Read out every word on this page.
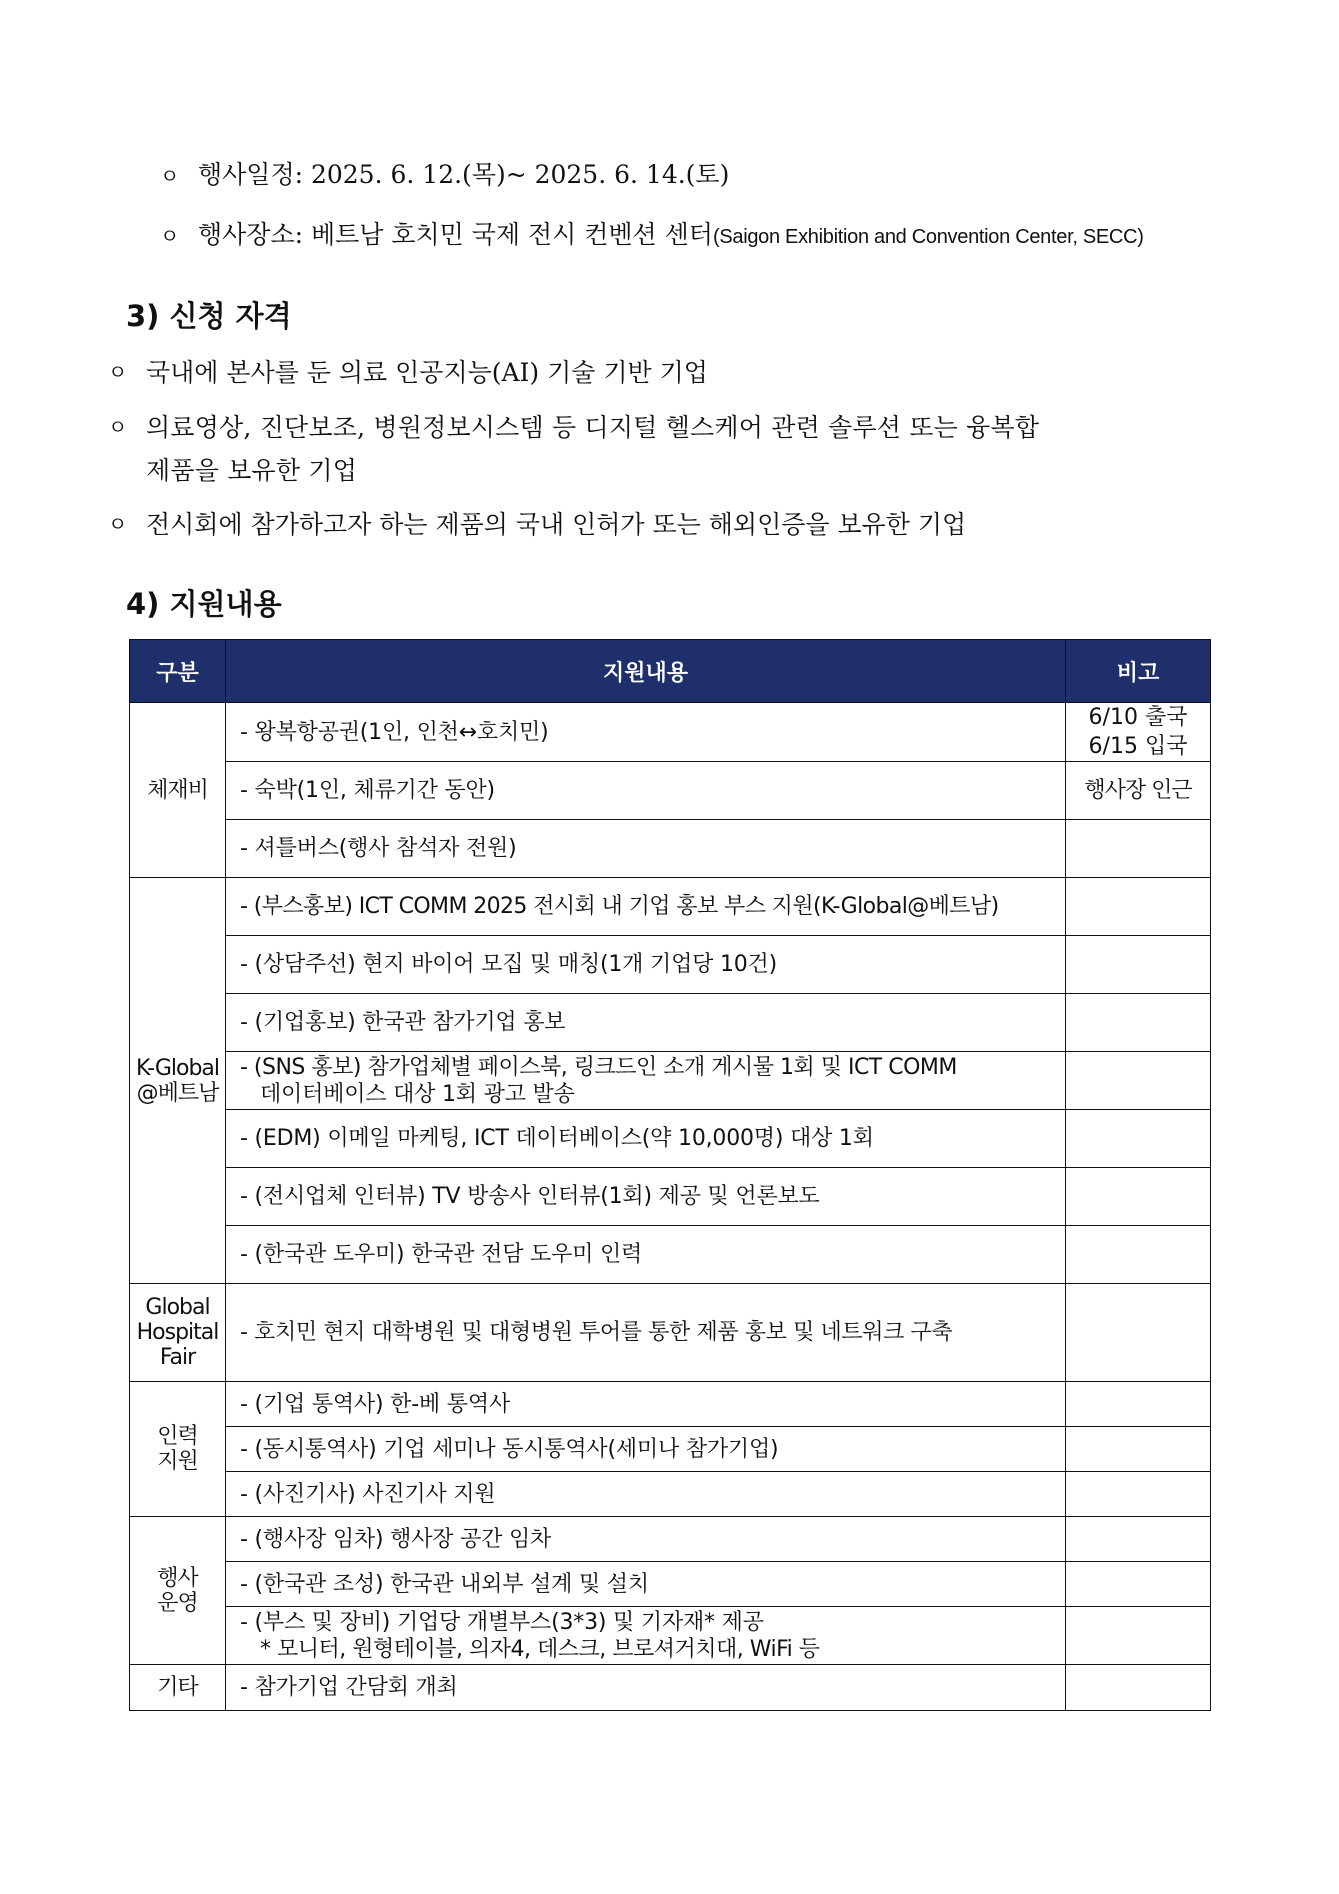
ㅇ 행사일정: 2025. 6. 12.(목)~ 2025. 6. 14.(토)
ㅇ 행사장소: 베트남 호치민 국제 전시 컨벤션 센터(Saigon Exhibition and Convention Center, SECC)
3) 신청 자격
ㅇ 국내에 본사를 둔 의료 인공지능(AI) 기술 기반 기업
ㅇ 의료영상, 진단보조, 병원정보시스템 등 디지털 헬스케어 관련 솔루션 또는 융복합
제품을 보유한 기업
ㅇ 전시회에 참가하고자 하는 제품의 국내 인허가 또는 해외인증을 보유한 기업
4) 지원내용
구분	지원내용	비고
체재비	- 왕복항공권(1인, 인천↔호치민)	6/10 출국
6/15 입국

	- 숙박(1인, 체류기간 동안)	행사장 인근
	- 셔틀버스(행사 참석자 전원)	

K-Global
@베트남	- (부스홍보) ICT COMM 2025 전시회 내 기업 홍보 부스 지원(K-Global@베트남)	
	- (상담주선) 현지 바이어 모집 및 매칭(1개 기업당 10건)	
	- (기업홍보) 한국관 참가기업 홍보	

	- (SNS 홍보) 참가업체별 페이스북, 링크드인 소개 게시물 1회 및 ICT COMM
데이터베이스 대상 1회 광고 발송	

	- (EDM) 이메일 마케팅, ICT 데이터베이스(약 10,000명) 대상 1회	
	- (전시업체 인터뷰) TV 방송사 인터뷰(1회) 제공 및 언론보도	
	- (한국관 도우미) 한국관 전담 도우미 인력	

Global
Hospital
Fair	- 호치민 현지 대학병원 및 대형병원 투어를 통한 제품 홍보 및 네트워크 구축	

인력
지원	- (기업 통역사) 한-베 통역사	
	- (동시통역사) 기업 세미나 동시통역사(세미나 참가기업)	
	- (사진기사) 사진기사 지원	

행사
운영	- (행사장 임차) 행사장 공간 임차	
	- (한국관 조성) 한국관 내외부 설계 및 설치	

	- (부스 및 장비) 기업당 개별부스(3*3) 및 기자재* 제공
* 모니터, 원형테이블, 의자4, 데스크, 브로셔거치대, WiFi 등	

기타	- 참가기업 간담회 개최	
